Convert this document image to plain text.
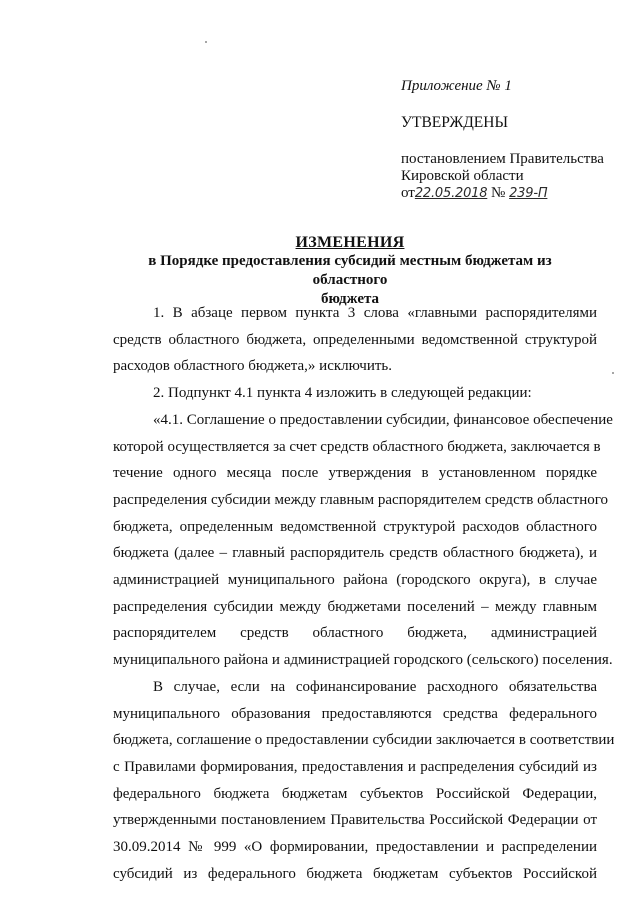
Приложение № 1
УТВЕРЖДЕНЫ
постановлением Правительства
Кировской области
от22.05.2018 № 239-П
ИЗМЕНЕНИЯ
в Порядке предоставления субсидий местным бюджетам из областного
бюджета
1. В абзаце первом пункта 3 слова «главными распорядителями
средств областного бюджета, определенными ведомственной структурой
расходов областного бюджета,» исключить.
2. Подпункт 4.1 пункта 4 изложить в следующей редакции:
«4.1. Соглашение о предоставлении субсидии, финансовое обеспечение
которой осуществляется за счет средств областного бюджета, заключается в
течение одного месяца после утверждения в установленном порядке
распределения субсидии между главным распорядителем средств областного
бюджета, определенным ведомственной структурой расходов областного
бюджета (далее – главный распорядитель средств областного бюджета), и
администрацией муниципального района (городского округа), в случае
распределения субсидии между бюджетами поселений – между главным
распорядителем средств областного бюджета, администрацией
муниципального района и администрацией городского (сельского) поселения.
В случае, если на софинансирование расходного обязательства
муниципального образования предоставляются средства федерального
бюджета, соглашение о предоставлении субсидии заключается в соответствии
с Правилами формирования, предоставления и распределения субсидий из
федерального бюджета бюджетам субъектов Российской Федерации,
утвержденными постановлением Правительства Российской Федерации от
30.09.2014 № 999 «О формировании, предоставлении и распределении
субсидий из федерального бюджета бюджетам субъектов Российской
